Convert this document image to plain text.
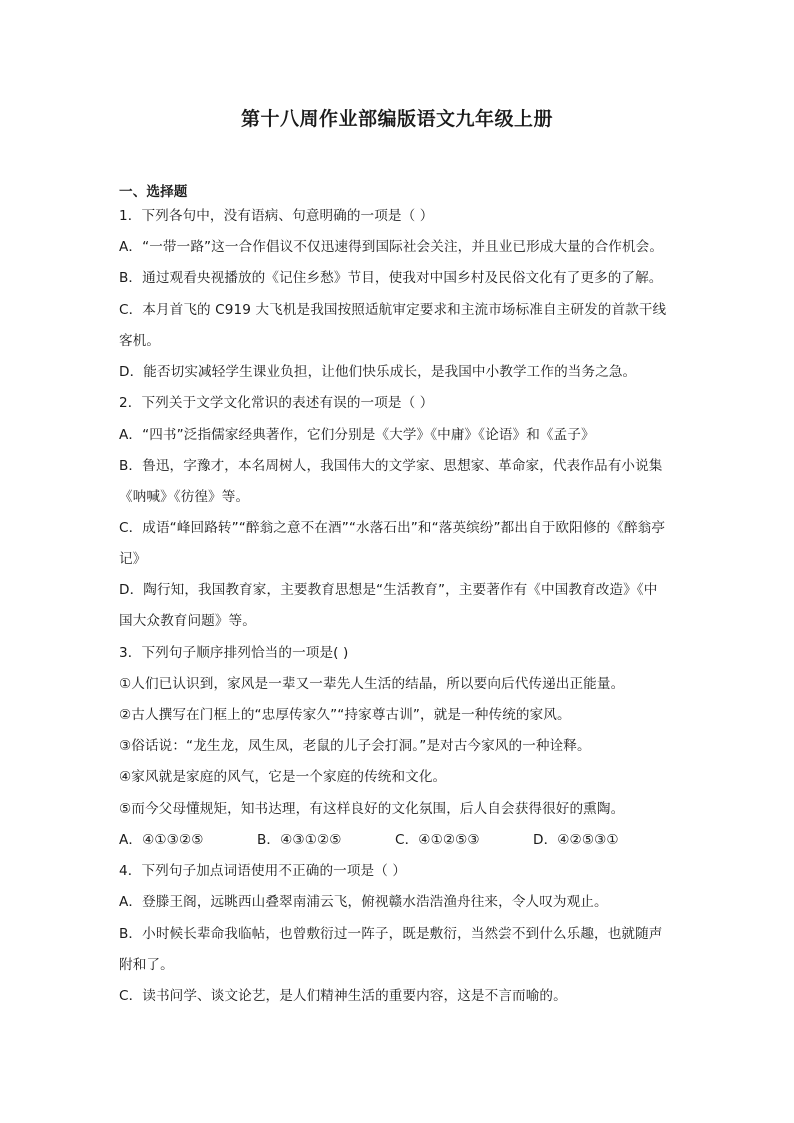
第十八周作业部编版语文九年级上册
一、选择题
1．下列各句中，没有语病、句意明确的一项是（ ）
A．“一带一路”这一合作倡议不仅迅速得到国际社会关注，并且业已形成大量的合作机会。
B．通过观看央视播放的《记住乡愁》节目，使我对中国乡村及民俗文化有了更多的了解。
C．本月首飞的 C919 大飞机是我国按照适航审定要求和主流市场标准自主研发的首款干线
客机。
D．能否切实减轻学生课业负担，让他们快乐成长，是我国中小教学工作的当务之急。
2．下列关于文学文化常识的表述有误的一项是（ ）
A．“四书”泛指儒家经典著作，它们分别是《大学》《中庸》《论语》和《孟子》
B．鲁迅，字豫才，本名周树人，我国伟大的文学家、思想家、革命家，代表作品有小说集
《呐喊》《彷徨》等。
C．成语“峰回路转”“醉翁之意不在酒”“水落石出”和“落英缤纷”都出自于欧阳修的《醉翁亭
记》
D．陶行知，我国教育家，主要教育思想是“生活教育”，主要著作有《中国教育改造》《中
国大众教育问题》等。
3．下列句子顺序排列恰当的一项是( )
①人们已认识到，家风是一辈又一辈先人生活的结晶，所以要向后代传递出正能量。
②古人撰写在门框上的“忠厚传家久”“持家尊古训”，就是一种传统的家风。
③俗话说：“龙生龙，凤生凤，老鼠的儿子会打洞。”是对古今家风的一种诠释。
④家风就是家庭的风气，它是一个家庭的传统和文化。
⑤而今父母懂规矩，知书达理，有这样良好的文化氛围，后人自会获得很好的熏陶。
A．④①③②⑤	B．④③①②⑤	C．④①②⑤③	D．④②⑤③①
4．下列句子加点词语使用不正确的一项是（ ）
A．登滕王阁，远眺西山叠翠南浦云飞，俯视赣水浩浩渔舟往来，令人叹为观止。
B．小时候长辈命我临帖，也曾敷衍过一阵子，既是敷衍，当然尝不到什么乐趣，也就随声
附和了。
C．读书问学、谈文论艺，是人们精神生活的重要内容，这是不言而喻的。
